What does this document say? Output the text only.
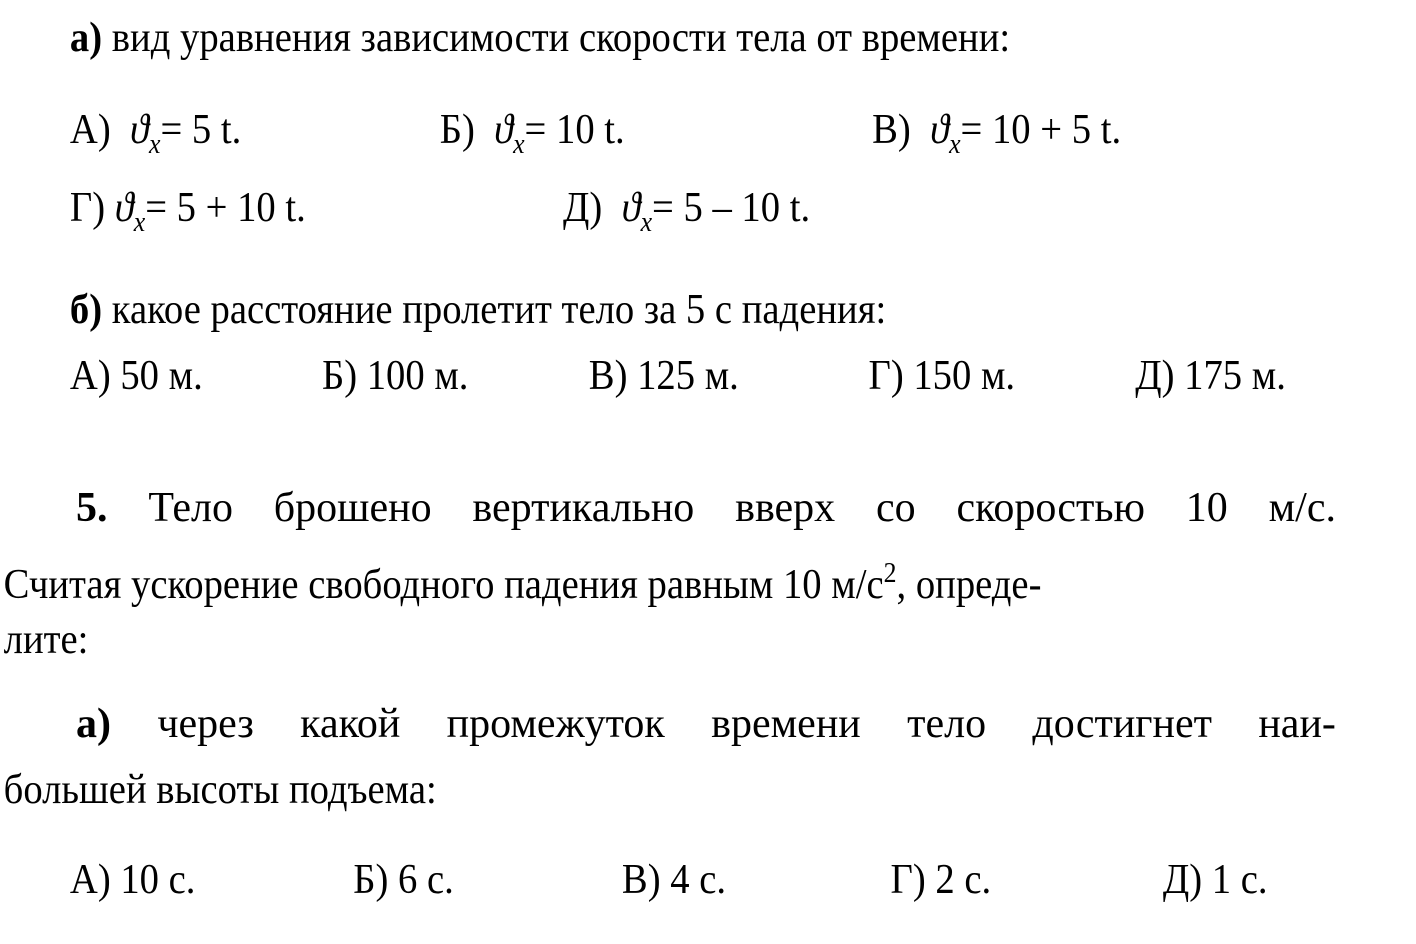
а) вид уравнения зависимости скорости тела от времени:
А) $ϑ_x= 5$ t.	Б) $ϑ_x= 10$ t.	В) $ϑ_x= 10 + 5$ t.
Г) $ϑ_x= 5 + 10$ t.	Д) $ϑ_x= 5 - 10$ t.
б) какое расстояние пролетит тело за 5 с падения:
А) 50 м.	Б) 100 м.	В) 125 м.	Г) 150 м.	Д) 175 м.
5. Тело брошено вертикально вверх со скоростью 10 м/с.
Считая ускорение свободного падения равным 10 $м/с^2$, опреде-
лите:
а) через какой промежуток времени тело достигнет наи-
большей высоты подъема:
А) 10 с.	Б) 6 с.	В) 4 с.	Г) 2 с.	Д) 1 с.
